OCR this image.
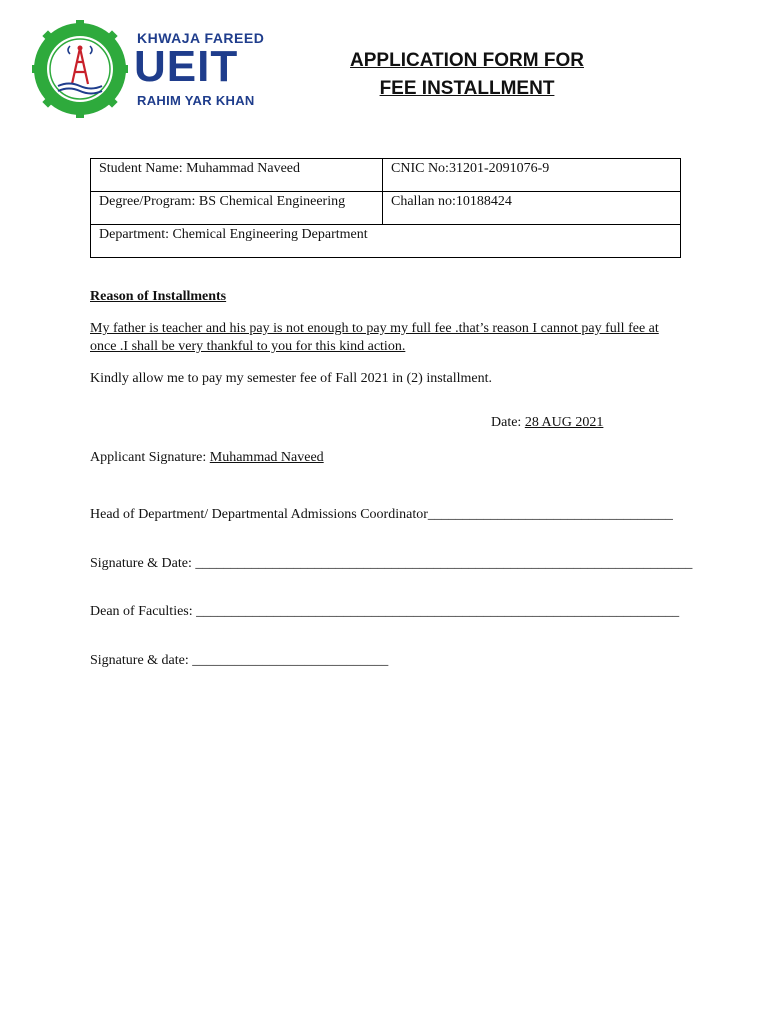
KHWAJA FAREED
UEIT
RAHIM YAR KHAN
APPLICATION FORM FOR
FEE INSTALLMENT
Student Name: Muhammad Naveed	CNIC No:31201-2091076-9
Degree/Program: BS Chemical Engineering	Challan no:10188424
Department: Chemical Engineering Department	
Reason of Installments
My father is teacher and his pay is not enough to pay my full fee .that’s reason I cannot pay full fee at once .I shall be very thankful to you for this kind action.
Kindly allow me to pay my semester fee of Fall 2021 in (2) installment.
Date: 28 AUG 2021
Applicant Signature: Muhammad Naveed
Head of Department/ Departmental Admissions Coordinator___________________________________
Signature & Date: _______________________________________________________________________
Dean of Faculties: _____________________________________________________________________
Signature & date: ____________________________
